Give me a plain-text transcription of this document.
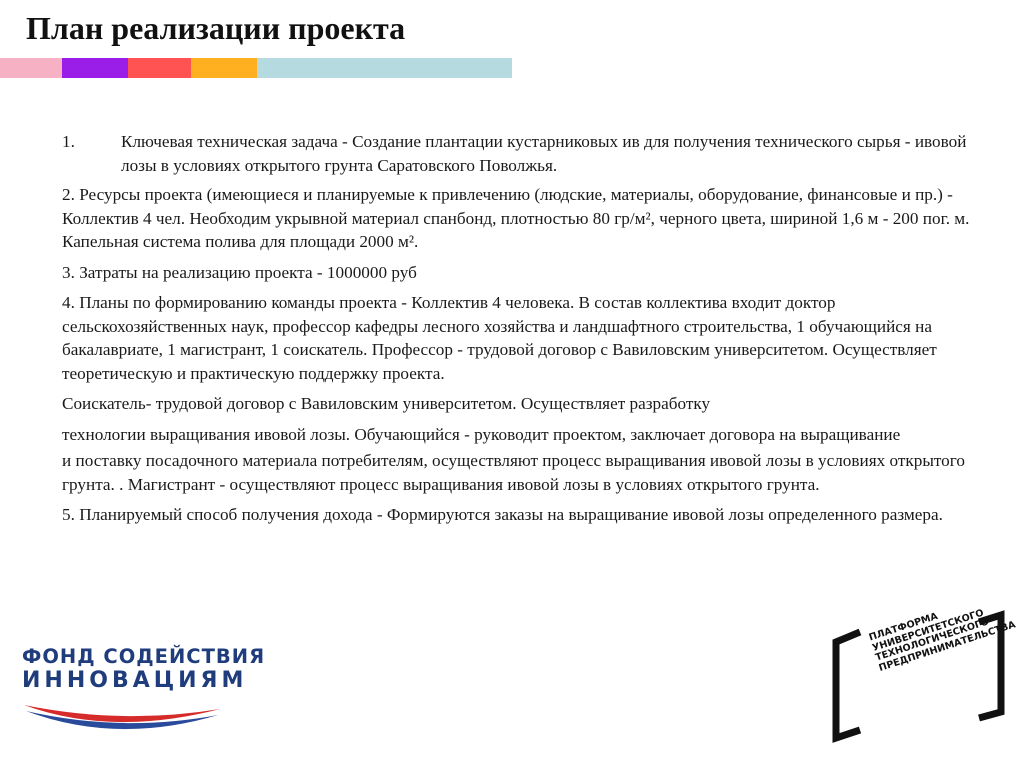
План реализации проекта
1.	Ключевая техническая задача - Создание плантации кустарниковых ив для получения технического сырья - ивовой лозы в условиях открытого грунта Саратовского Поволжья.

2. Ресурсы проекта (имеющиеся и планируемые к привлечению (людские, материалы, оборудование, финансовые и пр.) - Коллектив 4 чел. Необходим укрывной материал спанбонд, плотностью 80 гр/м², черного цвета, шириной 1,6 м - 200 пог. м. Капельная система полива для площади 2000 м².

3. Затраты на реализацию проекта - 1000000 руб

4. Планы по формированию команды проекта - Коллектив 4 человека. В состав коллектива входит доктор сельскохозяйственных наук, профессор кафедры лесного хозяйства и ландшафтного строительства, 1 обучающийся на бакалавриате, 1 магистрант, 1 соискатель. Профессор - трудовой договор с Вавиловским университетом. Осуществляет теоретическую и практическую поддержку проекта.

Соискатель- трудовой договор с Вавиловским университетом. Осуществляет разработку

технологии выращивания ивовой лозы. Обучающийся - руководит проектом, заключает договора на выращивание

и поставку посадочного материала потребителям, осуществляют процесс выращивания ивовой лозы в условиях открытого грунта. . Магистрант - осуществляют процесс выращивания ивовой лозы в условиях открытого грунта.

5. Планируемый способ получения дохода - Формируются заказы на выращивание ивовой лозы определенного размера.

ФОНД СОДЕЙСТВИЯ
ИННОВАЦИЯМ
ПЛАТФОРМА
УНИВЕРСИТЕТСКОГО
ТЕХНОЛОГИЧЕСКОГО
ПРЕДПРИНИМАТЕЛЬСТВА
